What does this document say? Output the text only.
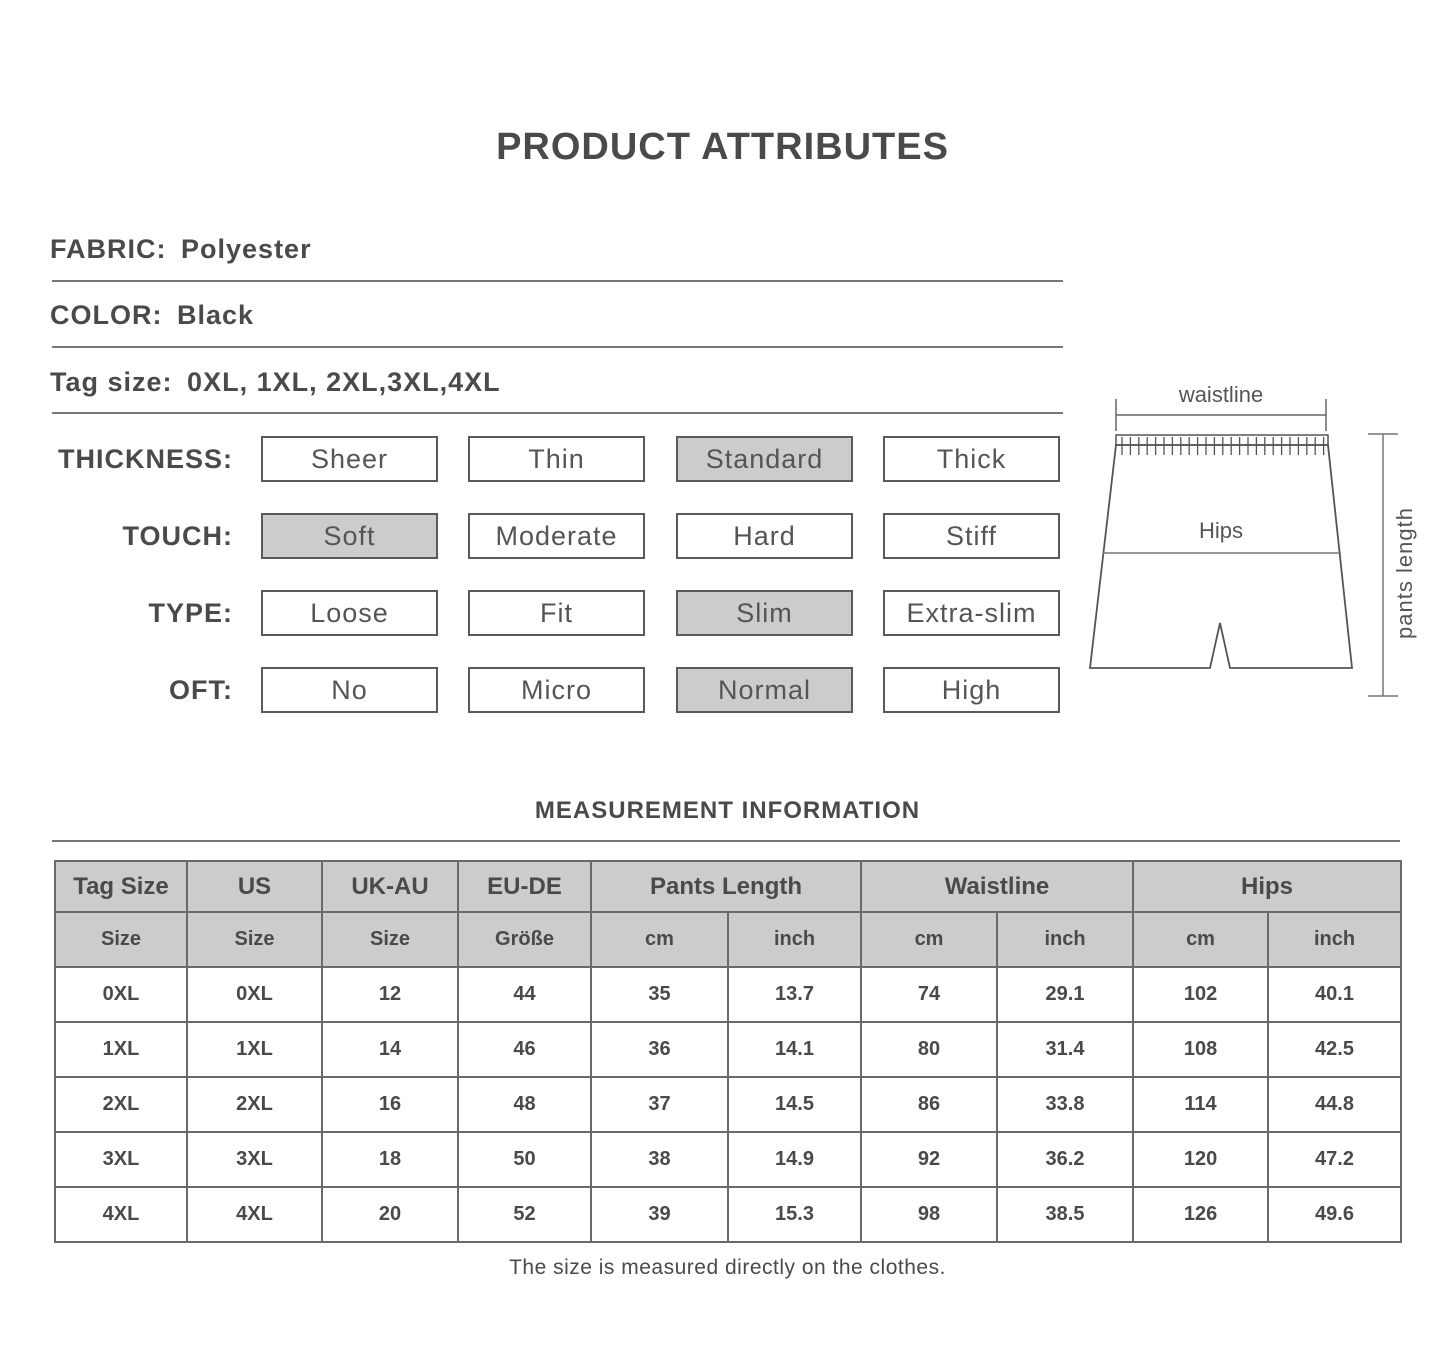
PRODUCT ATTRIBUTES
FABRIC: Polyester
COLOR: Black
Tag size: 0XL, 1XL, 2XL,3XL,4XL
THICKNESS:	Sheer	Thin	Standard	Thick
TOUCH:	Soft	Moderate	Hard	Stiff
TYPE:	Loose	Fit	Slim	Extra-slim
OFT:	No	Micro	Normal	High
waistline
Hips	pants length
MEASUREMENT INFORMATION
Tag Size	US	UK-AU	EU-DE	Pants Length		Waistline		Hips	
Size	Size	Size	Größe	cm	inch	cm	inch	cm	inch
0XL	0XL	12	44	35	13.7	74	29.1	102	40.1
1XL	1XL	14	46	36	14.1	80	31.4	108	42.5
2XL	2XL	16	48	37	14.5	86	33.8	114	44.8
3XL	3XL	18	50	38	14.9	92	36.2	120	47.2
4XL	4XL	20	52	39	15.3	98	38.5	126	49.6
The size is measured directly on the clothes.
